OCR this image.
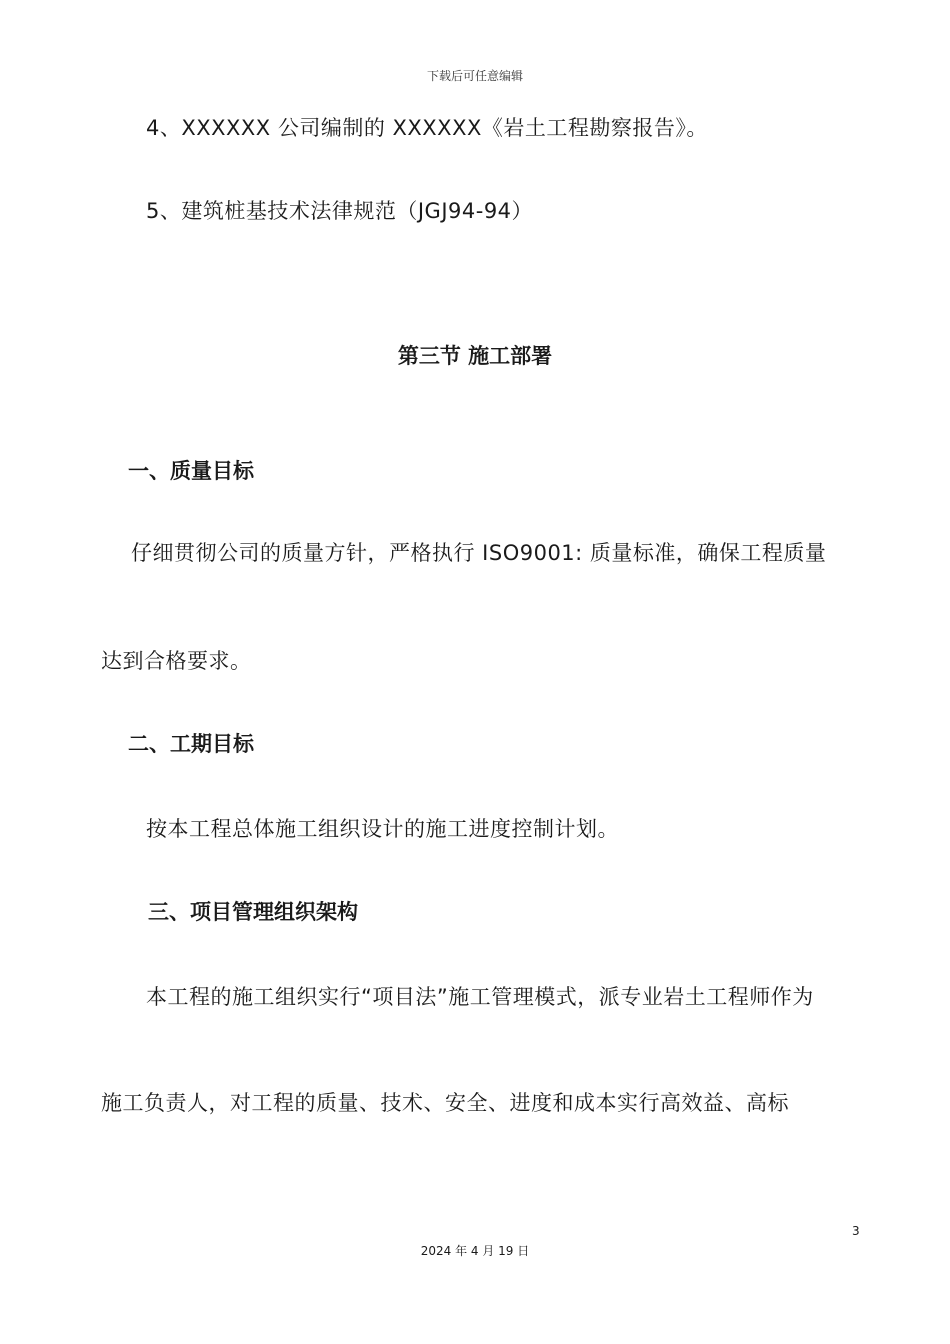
下载后可任意编辑
4、XXXXXX 公司编制的 XXXXXX《岩土工程勘察报告》。
5、建筑桩基技术法律规范（JGJ94-94）
第三节 施工部署
一、质量目标
仔细贯彻公司的质量方针，严格执行 ISO9001: 质量标准，确保工程质量
达到合格要求。
二、工期目标
按本工程总体施工组织设计的施工进度控制计划。
三、项目管理组织架构
本工程的施工组织实行“项目法”施工管理模式，派专业岩土工程师作为
施工负责人，对工程的质量、技术、安全、进度和成本实行高效益、高标
3
2024 年 4 月 19 日
